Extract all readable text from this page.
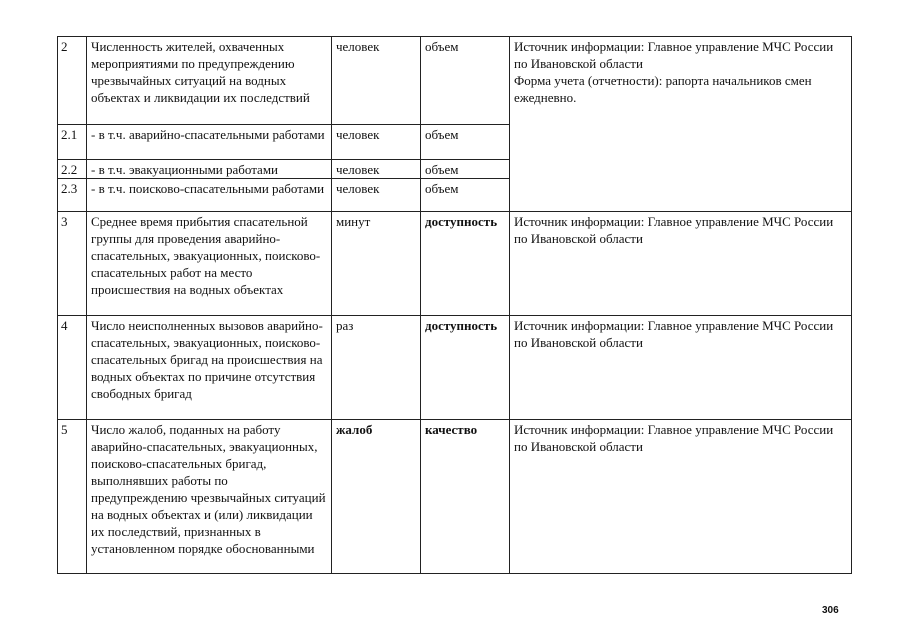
2	Численность жителей, охваченных мероприятиями по предупреждению чрезвычайных ситуаций на водных объектах и ликвидации их последствий	человек	объем	Источник информации: Главное управление МЧС России по Ивановской области
Форма учета (отчетности): рапорта начальников смен ежедневно.

2.1	- в т.ч. аварийно-спасательными работами	человек	объем	
2.2	- в т.ч. эвакуационными работами	человек	объем	
2.3	- в т.ч. поисково-спасательными работами	человек	объем	
3	Среднее время прибытия спасательной группы для проведения аварийно-спасательных, эвакуационных, поисково-спасательных работ на место происшествия на водных объектах	минут	доступность	Источник информации: Главное управление МЧС России по Ивановской области

4	Число неисполненных вызовов аварийно-спасательных, эвакуационных, поисково-спасательных бригад на происшествия на водных объектах по причине отсутствия свободных бригад	раз	доступность	Источник информации: Главное управление МЧС России по Ивановской области

5	Число жалоб, поданных на работу аварийно-спасательных, эвакуационных, поисково-спасательных бригад, выполнявших работы по предупреждению чрезвычайных ситуаций на водных объектах и (или) ликвидации их последствий, признанных в установленном порядке обоснованными	жалоб	качество	Источник информации: Главное управление МЧС России по Ивановской области
306
